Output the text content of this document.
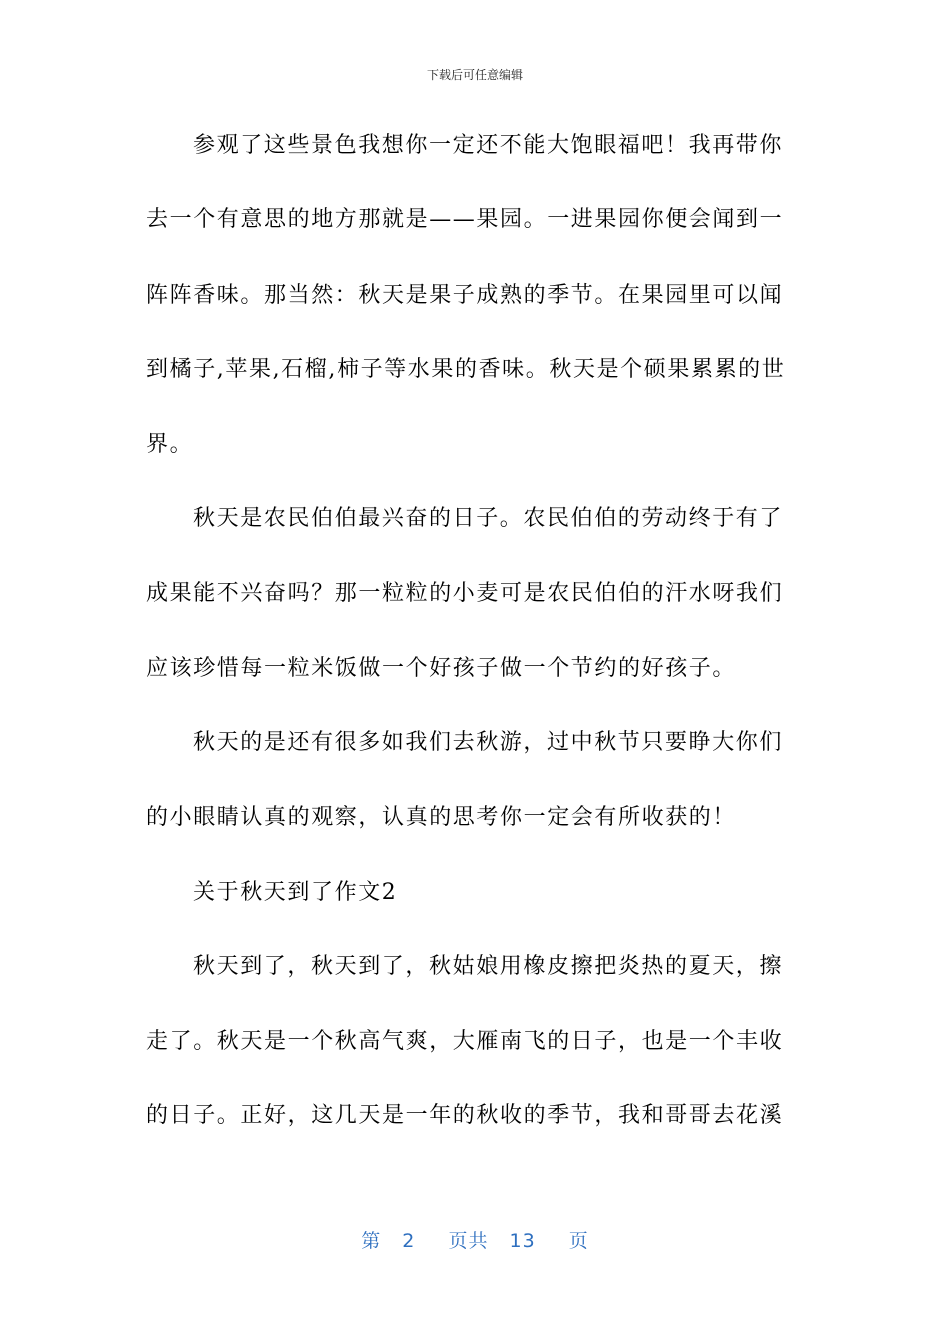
下载后可任意编辑
参观了这些景色我想你一定还不能大饱眼福吧！我再带你
去一个有意思的地方那就是——果园。一进果园你便会闻到一
阵阵香味。那当然：秋天是果子成熟的季节。在果园里可以闻
到橘子,苹果,石榴,柿子等水果的香味。秋天是个硕果累累的世
界。
秋天是农民伯伯最兴奋的日子。农民伯伯的劳动终于有了
成果能不兴奋吗？那一粒粒的小麦可是农民伯伯的汗水呀我们
应该珍惜每一粒米饭做一个好孩子做一个节约的好孩子。
秋天的是还有很多如我们去秋游，过中秋节只要睁大你们
的小眼睛认真的观察，认真的思考你一定会有所收获的！
关于秋天到了作文2
秋天到了，秋天到了，秋姑娘用橡皮擦把炎热的夏天，擦
走了。秋天是一个秋高气爽，大雁南飞的日子，也是一个丰收
的日子。正好，这几天是一年的秋收的季节，我和哥哥去花溪
第 2 页共 13 页
